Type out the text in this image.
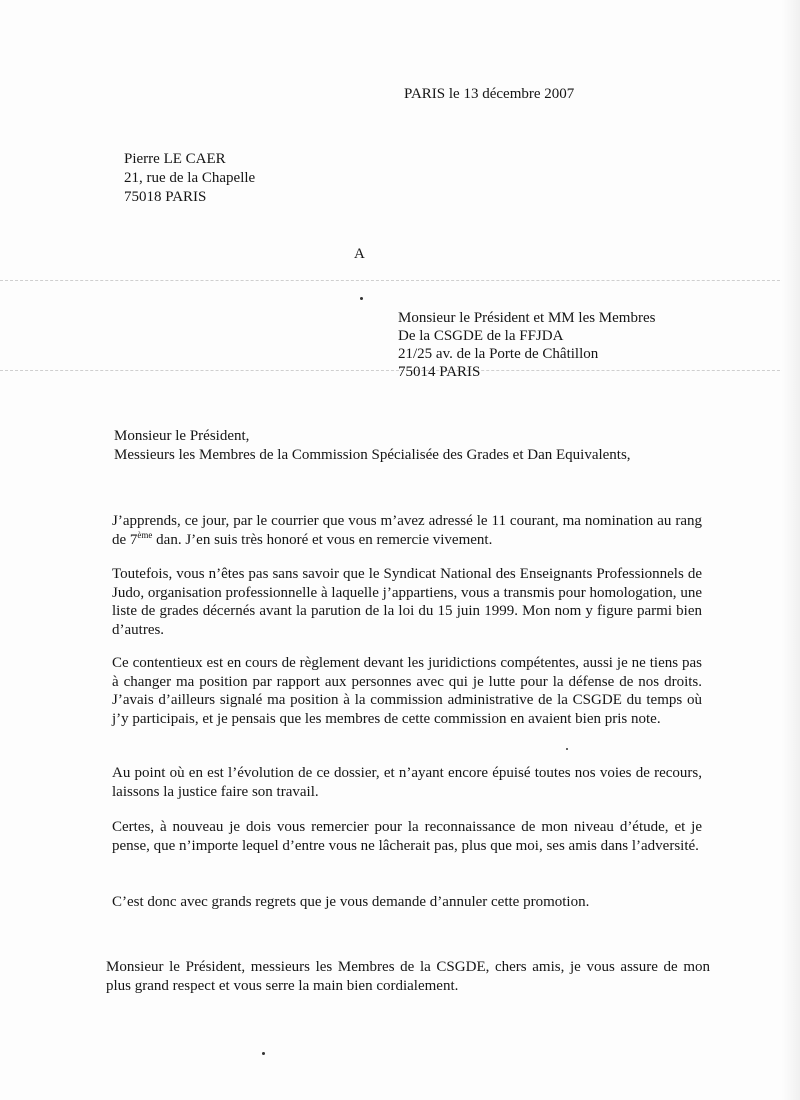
PARIS le 13 décembre 2007
Pierre LE CAER
21, rue de la Chapelle
75018 PARIS
A
Monsieur le Président et MM les Membres
De la CSGDE de la FFJDA
21/25 av. de la Porte de Châtillon
75014 PARIS
Monsieur le Président,
Messieurs les Membres de la Commission Spécialisée des Grades et Dan Equivalents,
J’apprends, ce jour, par le courrier que vous m’avez adressé le 11 courant, ma nomination au rang de 7ème dan. J’en suis très honoré et vous en remercie vivement.
Toutefois, vous n’êtes pas sans savoir que le Syndicat National des Enseignants Professionnels de Judo, organisation professionnelle à laquelle j’appartiens, vous a transmis pour homologation, une liste de grades décernés avant la parution de la loi du 15 juin 1999. Mon nom y figure parmi bien d’autres.
Ce contentieux est en cours de règlement devant les juridictions compétentes, aussi je ne tiens pas à changer ma position par rapport aux personnes avec qui je lutte pour la défense de nos droits. J’avais d’ailleurs signalé ma position à la commission administrative de la CSGDE du temps où j’y participais, et je pensais que les membres de cette commission en avaient bien pris note.
Au point où en est l’évolution de ce dossier, et n’ayant encore épuisé toutes nos voies de recours, laissons la justice faire son travail.
Certes, à nouveau je dois vous remercier pour la reconnaissance de mon niveau d’étude, et je pense, que n’importe lequel d’entre vous ne lâcherait pas, plus que moi, ses amis dans l’adversité.
C’est donc avec grands regrets que je vous demande d’annuler cette promotion.
Monsieur le Président, messieurs les Membres de la CSGDE, chers amis, je vous assure de mon plus grand respect et vous serre la main bien cordialement.
